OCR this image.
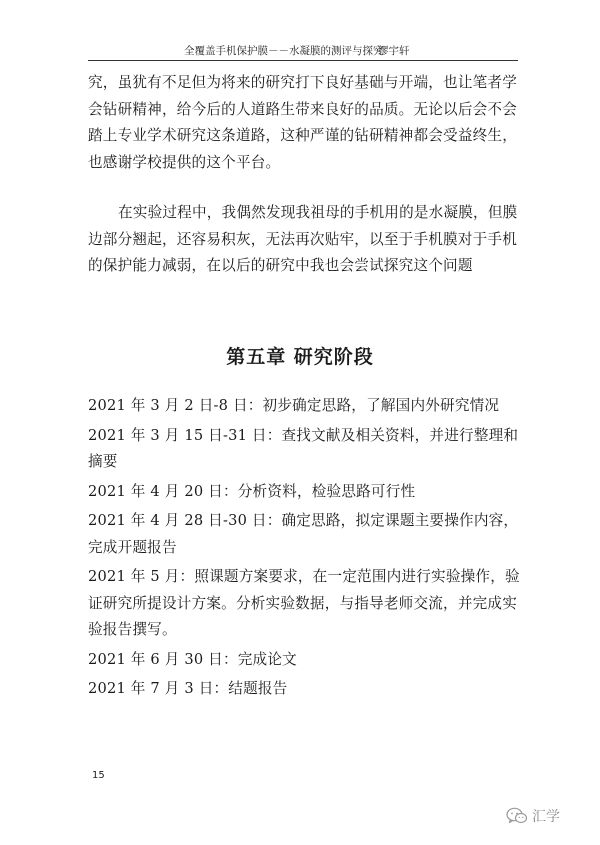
全覆盖手机保护膜－－水凝膜的测评与探究
缪宇轩

究，虽犹有不足但为将来的研究打下良好基础与开端，也让笔者学会钻研精神，给今后的人道路生带来良好的品质。无论以后会不会踏上专业学术研究这条道路，这种严谨的钻研精神都会受益终生，也感谢学校提供的这个平台。

在实验过程中，我偶然发现我祖母的手机用的是水凝膜，但膜边部分翘起，还容易积灰，无法再次贴牢，以至于手机膜对于手机的保护能力减弱，在以后的研究中我也会尝试探究这个问题

第五章 研究阶段
2021 年 3 月 2 日-8 日：初步确定思路，了解国内外研究情况
2021 年 3 月 15 日-31 日：查找文献及相关资料，并进行整理和摘要
2021 年 4 月 20 日：分析资料，检验思路可行性
2021 年 4 月 28 日-30 日：确定思路，拟定课题主要操作内容，完成开题报告
2021 年 5 月：照课题方案要求，在一定范围内进行实验操作，验证研究所提设计方案。分析实验数据，与指导老师交流，并完成实验报告撰写。
2021 年 6 月 30 日：完成论文
2021 年 7 月 3 日：结题报告
15
汇学
